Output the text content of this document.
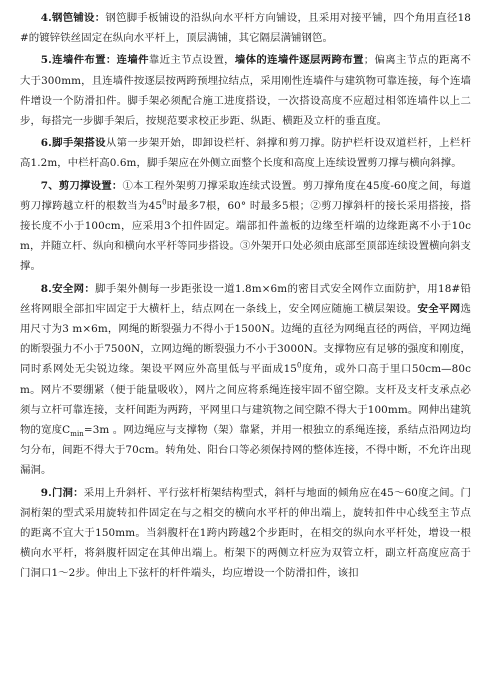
4.钢笆铺设：钢笆脚手板铺设的沿纵向水平杆方向铺设，且采用对接平铺，四个角用直径18#的镀锌铁丝固定在纵向水平杆上，顶层满铺，其它隔层满铺钢笆。

5.连墙件布置：连墙件靠近主节点设置，墙体的连墙件逐层两跨布置；偏离主节点的距离不大于300mm，且连墙件按逐层按两跨预埋拉结点，采用刚性连墙件与建筑物可靠连接，每个连墙件增设一个防滑扣件。脚手架必须配合施工进度搭设，一次搭设高度不应超过相邻连墙件以上二步，每搭完一步脚手架后，按规范要求校正步距、纵距、横距及立杆的垂直度。

6.脚手架搭设从第一步架开始，即卸设栏杆、斜撑和剪刀撑。防护栏杆设双道栏杆，上栏杆高1.2m，中栏杆高0.6m，脚手架应在外侧立面整个长度和高度上连续设置剪刀撑与横向斜撑。

7、剪刀撑设置：①本工程外架剪刀撑采取连续式设置。剪刀撑角度在45度-60度之间，每道剪刀撑跨越立杆的根数当为$45^0$时最多7根，60° 时最多5根；②剪刀撑斜杆的接长采用搭接，搭接长度不小于100cm，应采用3个扣件固定。端部扣件盖板的边缘至杆端的边缘距离不小于10cm，并随立杆、纵向和横向水平杆等同步搭设。③外架开口处必须由底部至顶部连续设置横向斜支撑。

8.安全网：脚手架外侧每一步距张设一道1.8m×6m的密目式安全网作立面防护，用18#铅丝将网眼全部扣牢固定于大横杆上，结点网在一条线上，安全网应随施工横层架设。安全平网选用尺寸为3 m×6m，网绳的断裂强力不得小于1500N。边绳的直径为网绳直径的两倍，平网边绳的断裂强力不小于7500N，立网边绳的断裂强力不小于3000N。支撑物应有足够的强度和刚度，同时系网处无尖锐边缘。架设平网应外高里低与平面成$15^0$度角，或外口高于里口50cm—80cm。网片不要绷紧（便于能量吸收），网片之间应将系绳连接牢固不留空隙。支杆及支杆支承点必须与立杆可靠连接，支杆间距为两跨，平网里口与建筑物之间空隙不得大于100mm。网伸出建筑物的宽度$C_{min}=3m$ 。网边绳应与支撑物（架）靠紧，并用一根独立的系绳连接，系结点沿网边均匀分布，间距不得大于70cm。转角处、阳台口等必须保持网的整体连接，不得中断，不允许出现漏洞。

9.门洞：采用上升斜杆、平行弦杆桁架结构型式，斜杆与地面的倾角应在45～60度之间。门洞桁架的型式采用旋转扣件固定在与之相交的横向水平杆的伸出端上，旋转扣件中心线至主节点的距离不宜大于150mm。当斜腹杆在1跨内跨越2个步距时，在相交的纵向水平杆处，增设一根横向水平杆，将斜腹杆固定在其伸出端上。桁架下的两侧立杆应为双管立杆，副立杆高度应高于门洞口1～2步。伸出上下弦杆的杆件端头，均应增设一个防滑扣件，该扣
